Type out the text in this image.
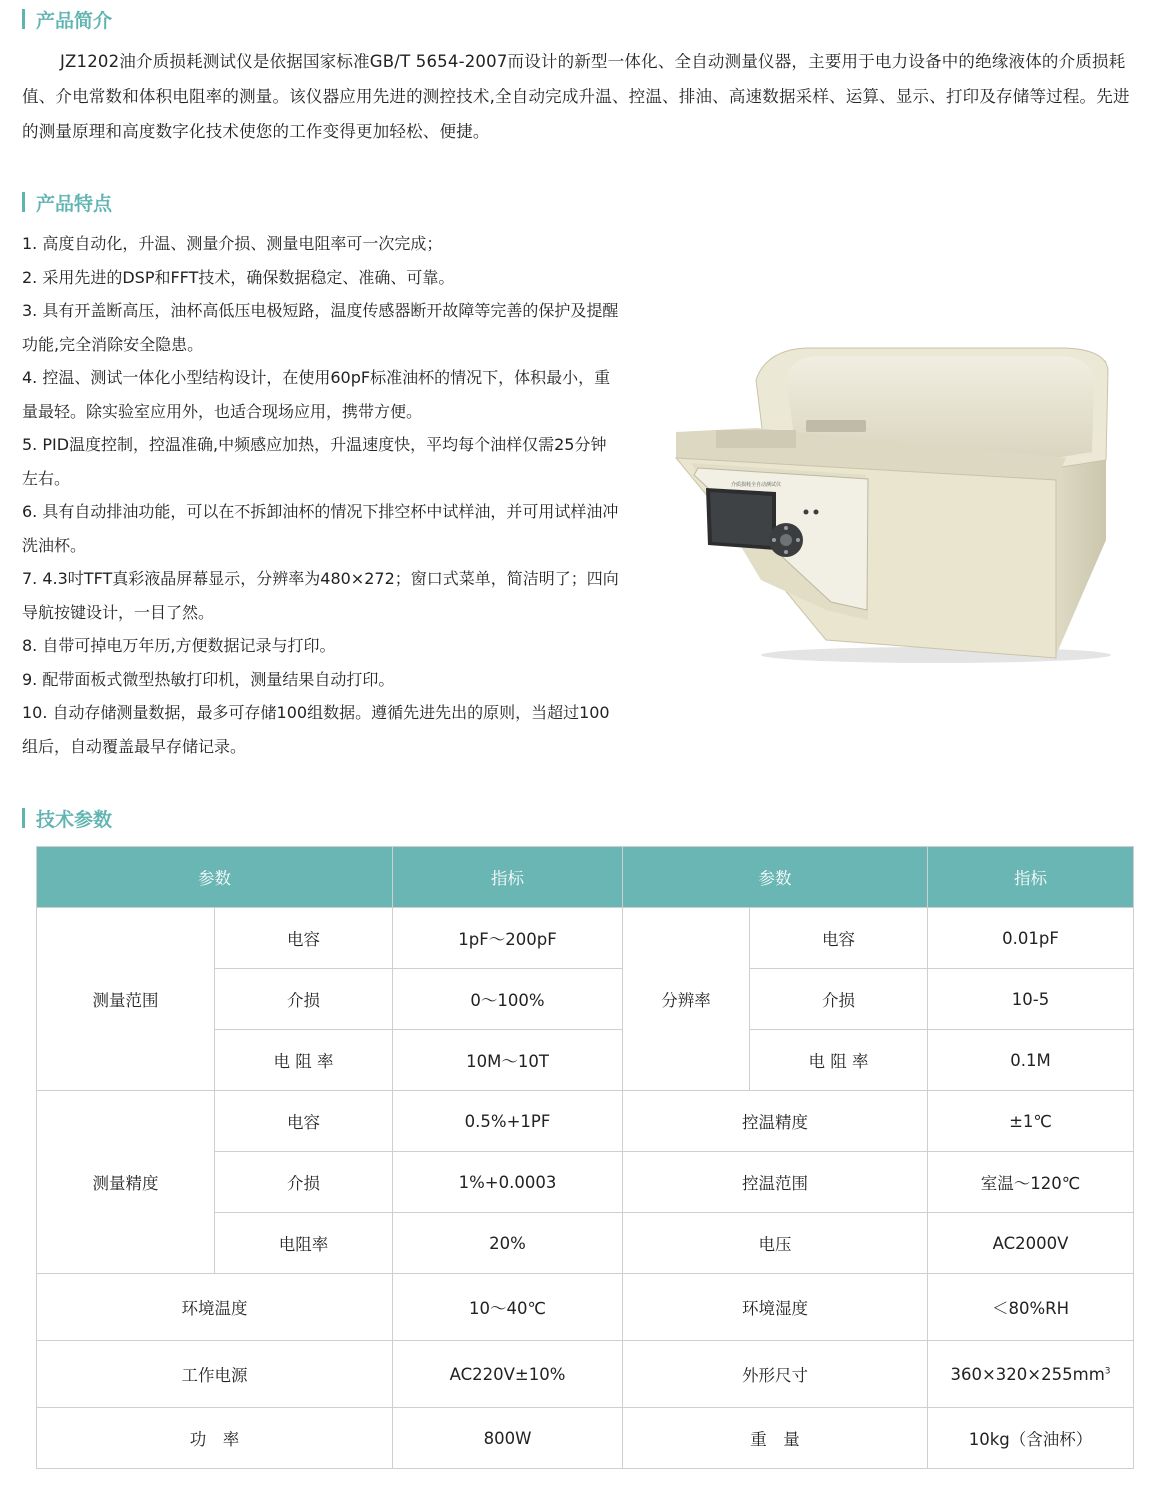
产品简介

JZ1202油介质损耗测试仪是依据国家标准GB/T 5654-2007而设计的新型一体化、全自动测量仪器，主要用于电力设备中的绝缘液体的介质损耗值、介电常数和体积电阻率的测量。该仪器应用先进的测控技术,全自动完成升温、控温、排油、高速数据采样、运算、显示、打印及存储等过程。先进的测量原理和高度数字化技术使您的工作变得更加轻松、便捷。

产品特点
1. 高度自动化，升温、测量介损、测量电阻率可一次完成；
2. 采用先进的DSP和FFT技术，确保数据稳定、准确、可靠。
3. 具有开盖断高压，油杯高低压电极短路，温度传感器断开故障等完善的保护及提醒功能,完全消除安全隐患。
4. 控温、测试一体化小型结构设计，在使用60pF标准油杯的情况下，体积最小，重量最轻。除实验室应用外，也适合现场应用，携带方便。
5. PID温度控制，控温准确,中频感应加热，升温速度快，平均每个油样仅需25分钟左右。
6. 具有自动排油功能，可以在不拆卸油杯的情况下排空杯中试样油，并可用试样油冲洗油杯。
7. 4.3吋TFT真彩液晶屏幕显示，分辨率为480×272；窗口式菜单，简洁明了；四向导航按键设计，一目了然。
8. 自带可掉电万年历,方便数据记录与打印。
9. 配带面板式微型热敏打印机，测量结果自动打印。
10. 自动存储测量数据，最多可存储100组数据。遵循先进先出的原则，当超过100组后，自动覆盖最早存储记录。
介质损耗全自动测试仪
技术参数
参数		指标	参数		指标
测量范围	电容	1pF～200pF	分辨率	电容	0.01pF
	介损	0～100%		介损	10-5
	电 阻 率	10M～10T		电 阻 率	0.1M
测量精度	电容	0.5%+1PF	控温精度		±1℃
	介损	1%+0.0003	控温范围		室温～120℃
	电阻率	20%	电压		AC2000V
环境温度		10～40℃	环境湿度		＜80%RH
工作电源		AC220V±10%	外形尺寸		$360\times 320\times 255mm^3$
功　率		800W	重　量		10kg（含油杯）
